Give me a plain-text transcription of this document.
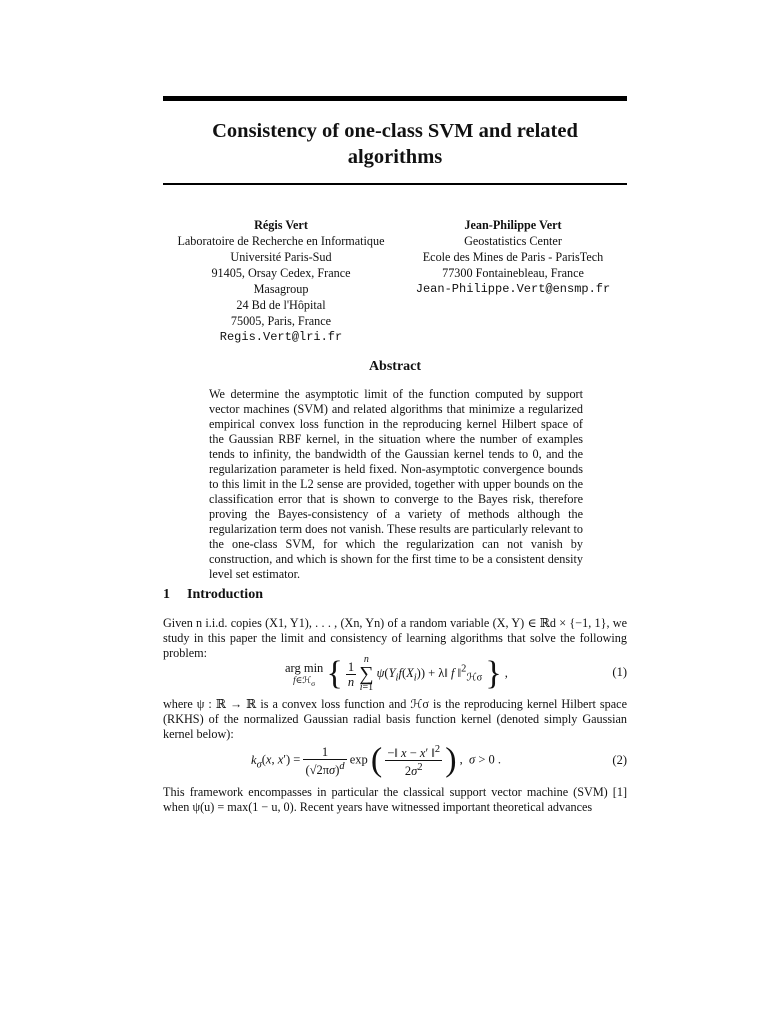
Consistency of one-class SVM and related algorithms
Régis Vert
Laboratoire de Recherche en Informatique
Université Paris-Sud
91405, Orsay Cedex, France
Masagroup
24 Bd de l'Hôpital
75005, Paris, France
Regis.Vert@lri.fr
Jean-Philippe Vert
Geostatistics Center
Ecole des Mines de Paris - ParisTech
77300 Fontainebleau, France
Jean-Philippe.Vert@ensmp.fr
Abstract
We determine the asymptotic limit of the function computed by support vector machines (SVM) and related algorithms that minimize a regularized empirical convex loss function in the reproducing kernel Hilbert space of the Gaussian RBF kernel, in the situation where the number of examples tends to infinity, the bandwidth of the Gaussian kernel tends to 0, and the regularization parameter is held fixed. Non-asymptotic convergence bounds to this limit in the L2 sense are provided, together with upper bounds on the classification error that is shown to converge to the Bayes risk, therefore proving the Bayes-consistency of a variety of methods although the regularization term does not vanish. These results are particularly relevant to the one-class SVM, for which the regularization can not vanish by construction, and which is shown for the first time to be a consistent density level set estimator.
1 Introduction
Given n i.i.d. copies (X1, Y1), . . . , (Xn, Yn) of a random variable (X, Y) ∈ ℝd × {−1, 1}, we study in this paper the limit and consistency of learning algorithms that solve the following problem:
arg min
f∈ℋ$_\sigma$ { $\frac{1}{n}$ n
∑
i=1 $\psi(Y_if(X_i))$ + λ‖ f ‖$^2_{ℋ\sigma}$ } ,	(1)
where ψ : ℝ → ℝ is a convex loss function and ℋσ is the reproducing kernel Hilbert space (RKHS) of the normalized Gaussian radial basis function kernel (denoted simply Gaussian kernel below):
$k_\sigma(x$, $x') = \frac{1}{(√2\pi\sigma)^d}$ exp ( $\frac{-‖ x - x' ‖^2}{2\sigma^2}$ ) ,  σ > 0 .	(2)
This framework encompasses in particular the classical support vector machine (SVM) [1] when ψ(u) = max(1 − u, 0). Recent years have witnessed important theoretical advances
